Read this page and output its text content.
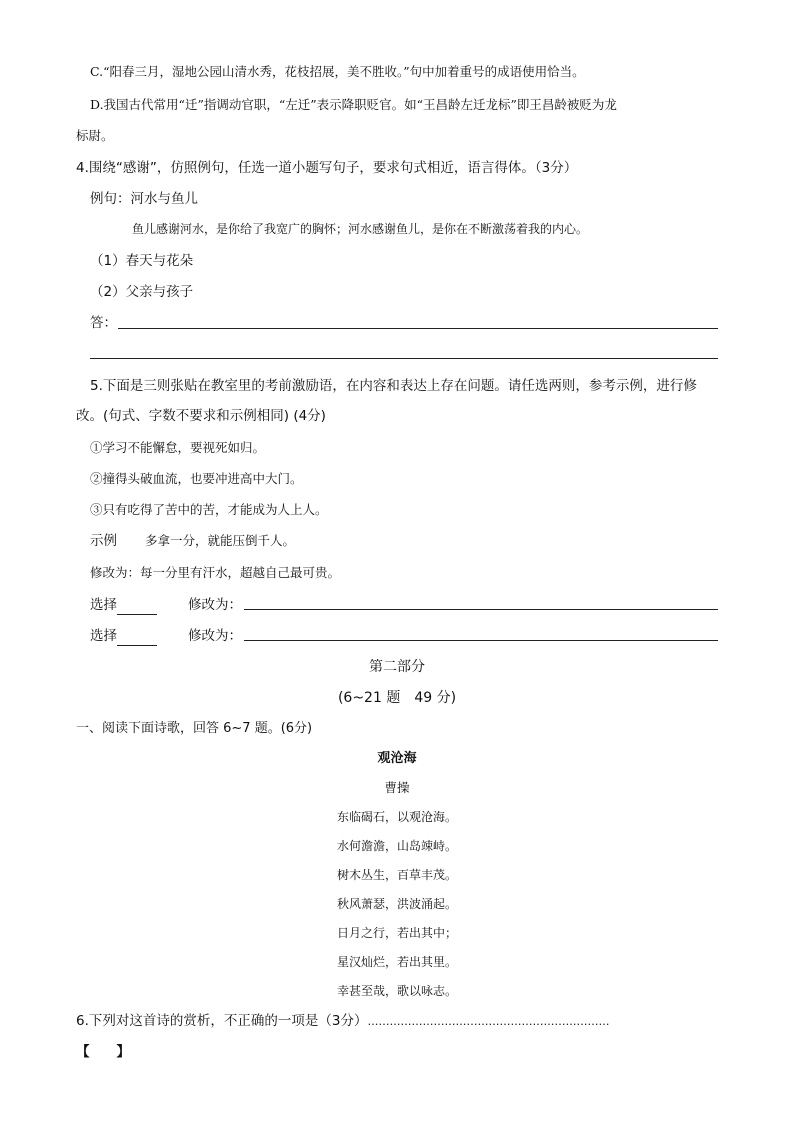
C.“阳春三月，湿地公园山清水秀，花枝招展，美不胜收。”句中加着重号的成语使用恰当。
D.我国古代常用“迁”指调动官职，“左迁”表示降职贬官。如“王昌龄左迁龙标”即王昌龄被贬为龙
标尉。
4.围绕“感谢”，仿照例句，任选一道小题写句子，要求句式相近，语言得体。（3分）
例句：河水与鱼儿
鱼儿感谢河水，是你给了我宽广的胸怀；河水感谢鱼儿，是你在不断激荡着我的内心。
（1）春天与花朵
（2）父亲与孩子
答：
5.下面是三则张贴在教室里的考前激励语，在内容和表达上存在问题。请任选两则，参考示例，进行修
改。(句式、字数不要求和示例相同) (4分)
①学习不能懈怠，要视死如归。
②撞得头破血流，也要冲进高中大门。
③只有吃得了苦中的苦，才能成为人上人。
示例 多拿一分，就能压倒千人。
修改为：每一分里有汗水，超越自己最可贵。
选择	修改为：
选择	修改为：
第二部分
(6~21 题　49 分)
一、阅读下面诗歌，回答 6~7 题。(6分)
观沧海
曹操
东临碣石，以观沧海。
水何澹澹，山岛竦峙。
树木丛生，百草丰茂。
秋风萧瑟，洪波涌起。
日月之行，若出其中；
星汉灿烂，若出其里。
幸甚至哉，歌以咏志。
6.下列对这首诗的赏析，不正确的一项是（3分）…………………………………………………………
【　　】
